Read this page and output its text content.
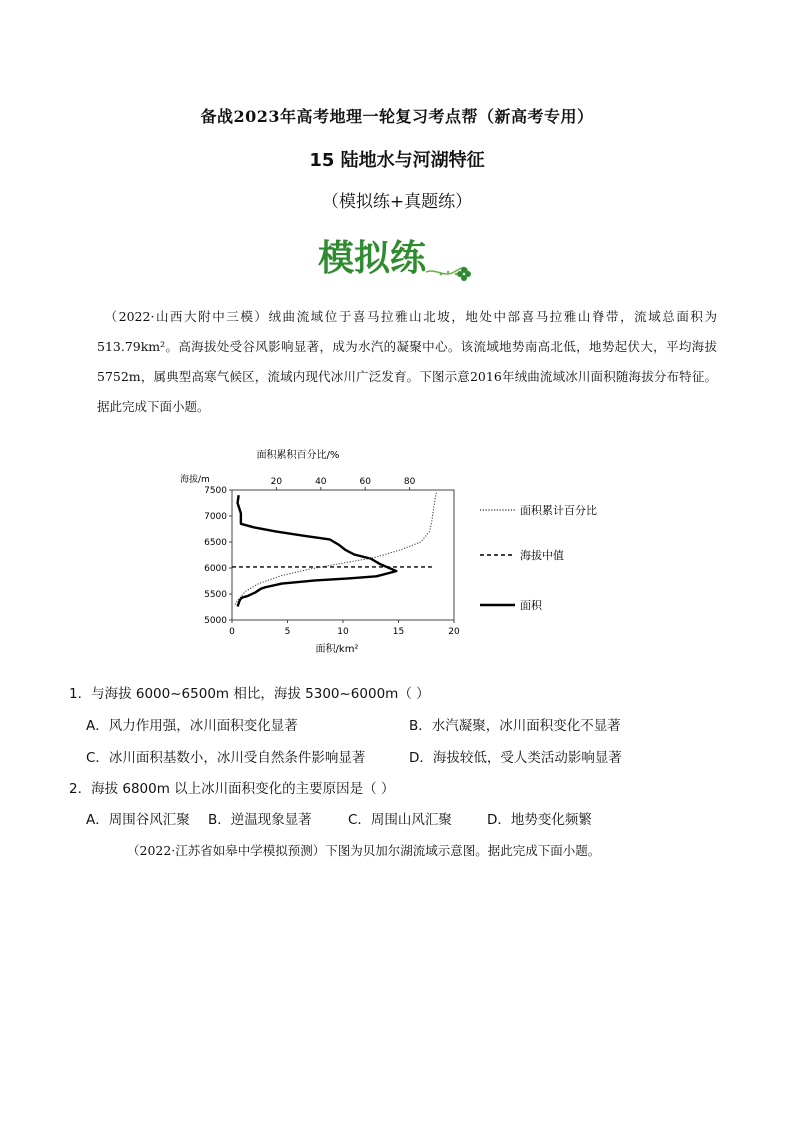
备战2023年高考地理一轮复习考点帮（新高考专用）
15 陆地水与河湖特征
（模拟练+真题练）
模拟练
（2022·山西大附中三模）绒曲流域位于喜马拉雅山北坡，地处中部喜马拉雅山脊带，流域总面积为513.79km²。高海拔处受谷风影响显著，成为水汽的凝聚中心。该流域地势南高北低，地势起伏大，平均海拔5752m，属典型高寒气候区，流域内现代冰川广泛发育。下图示意2016年绒曲流域冰川面积随海拔分布特征。据此完成下面小题。
面积累积百分比/%
海拔/m
7500
7000
6500
6000
5500
5000
0	5	10	15	20
20	40	60	80
面积/km²
面积累计百分比
海拔中值
面积
1．与海拔 6000~6500m 相比，海拔 5300~6000m（ ）
A．风力作用强，冰川面积变化显著	B．水汽凝聚，冰川面积变化不显著
C．冰川面积基数小，冰川受自然条件影响显著	D．海拔较低，受人类活动影响显著
2．海拔 6800m 以上冰川面积变化的主要原因是（ ）
A．周围谷风汇聚 B．逆温现象显著	C．周围山风汇聚	D．地势变化频繁
（2022·江苏省如皋中学模拟预测）下图为贝加尔湖流域示意图。据此完成下面小题。
